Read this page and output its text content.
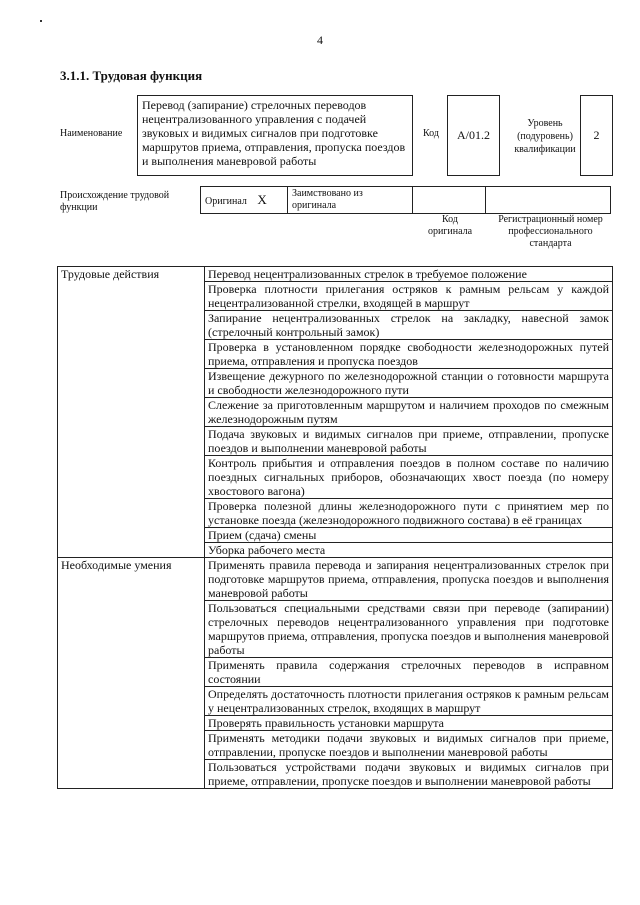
4
3.1.1. Трудовая функция
Наименование
Перевод (запирание) стрелочных переводов нецентрализованного управления с подачей звуковых и видимых сигналов при подготовке маршрутов приема, отправления, пропуска поездов и выполнения маневровой работы
Код	A/01.2
Уровень (подуровень) квалификации
2
Происхождение трудовой функции
Оригинал X	Заимствовано из оригинала		
Код оригинала
Регистрационный номер профессионального стандарта
Трудовые действия	Перевод нецентрализованных стрелок в требуемое положение
	Проверка плотности прилегания остряков к рамным рельсам у каждой нецентрализованной стрелки, входящей в маршрут
	Запирание нецентрализованных стрелок на закладку, навесной замок (стрелочный контрольный замок)
	Проверка в установленном порядке свободности железнодорожных путей приема, отправления и пропуска поездов
	Извещение дежурного по железнодорожной станции о готовности маршрута и свободности железнодорожного пути
	Слежение за приготовленным маршрутом и наличием проходов по смежным железнодорожным путям
	Подача звуковых и видимых сигналов при приеме, отправлении, пропуске поездов и выполнении маневровой работы
	Контроль прибытия и отправления поездов в полном составе по наличию поездных сигнальных приборов, обозначающих хвост поезда (по номеру хвостового вагона)
	Проверка полезной длины железнодорожного пути с принятием мер по установке поезда (железнодорожного подвижного состава) в её границах
	Прием (сдача) смены
	Уборка рабочего места
Необходимые умения	Применять правила перевода и запирания нецентрализованных стрелок при подготовке маршрутов приема, отправления, пропуска поездов и выполнения маневровой работы
	Пользоваться специальными средствами связи при переводе (запирании) стрелочных переводов нецентрализованного управления при подготовке маршрутов приема, отправления, пропуска поездов и выполнения маневровой работы
	Применять правила содержания стрелочных переводов в исправном состоянии
	Определять достаточность плотности прилегания остряков к рамным рельсам у нецентрализованных стрелок, входящих в маршрут
	Проверять правильность установки маршрута
	Применять методики подачи звуковых и видимых сигналов при приеме, отправлении, пропуске поездов и выполнении маневровой работы
	Пользоваться устройствами подачи звуковых и видимых сигналов при приеме, отправлении, пропуске поездов и выполнении маневровой работы
